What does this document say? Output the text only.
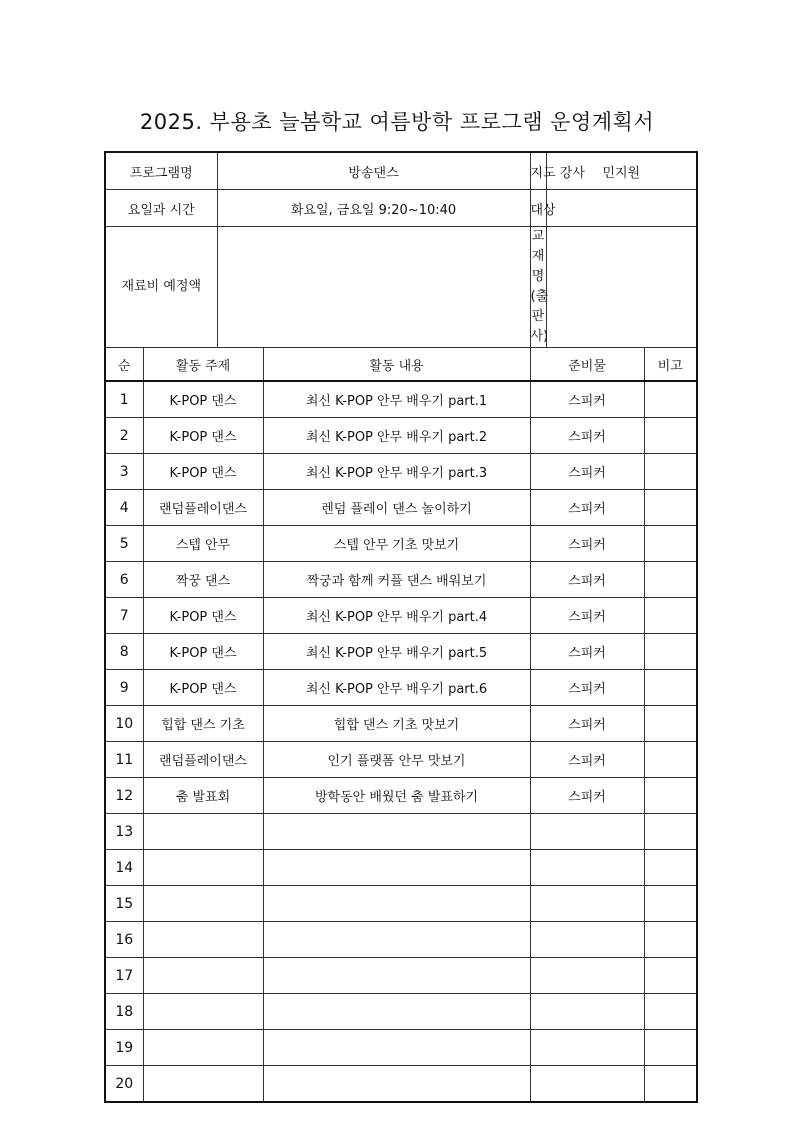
2025. 부용초 늘봄학교 여름방학 프로그램 운영계획서
프로그램명		방송댄스		지도 강사	민지원	
요일과 시간		화요일, 금요일 9:20~10:40		대상		
재료비 예정액				교재명
(출판사)		

순	활동 주제		활동 내용	준비물		비고
1	K-POP 댄스		최신 K-POP 안무 배우기 part.1	스피커		
2	K-POP 댄스		최신 K-POP 안무 배우기 part.2	스피커		
3	K-POP 댄스		최신 K-POP 안무 배우기 part.3	스피커		
4	랜덤플레이댄스		렌덤 플레이 댄스 놀이하기	스피커		
5	스텝 안무		스텝 안무 기초 맛보기	스피커		
6	짝꿍 댄스		짝궁과 함께 커플 댄스 배워보기	스피커		
7	K-POP 댄스		최신 K-POP 안무 배우기 part.4	스피커		
8	K-POP 댄스		최신 K-POP 안무 배우기 part.5	스피커		
9	K-POP 댄스		최신 K-POP 안무 배우기 part.6	스피커		
10	힙합 댄스 기초		힙합 댄스 기초 맛보기	스피커		
11	랜덤플레이댄스		인기 플랫폼 안무 맛보기	스피커		
12	춤 발표회		방학동안 배웠던 춤 발표하기	스피커		
13						
14						
15						
16						
17						
18						
19						
20						
